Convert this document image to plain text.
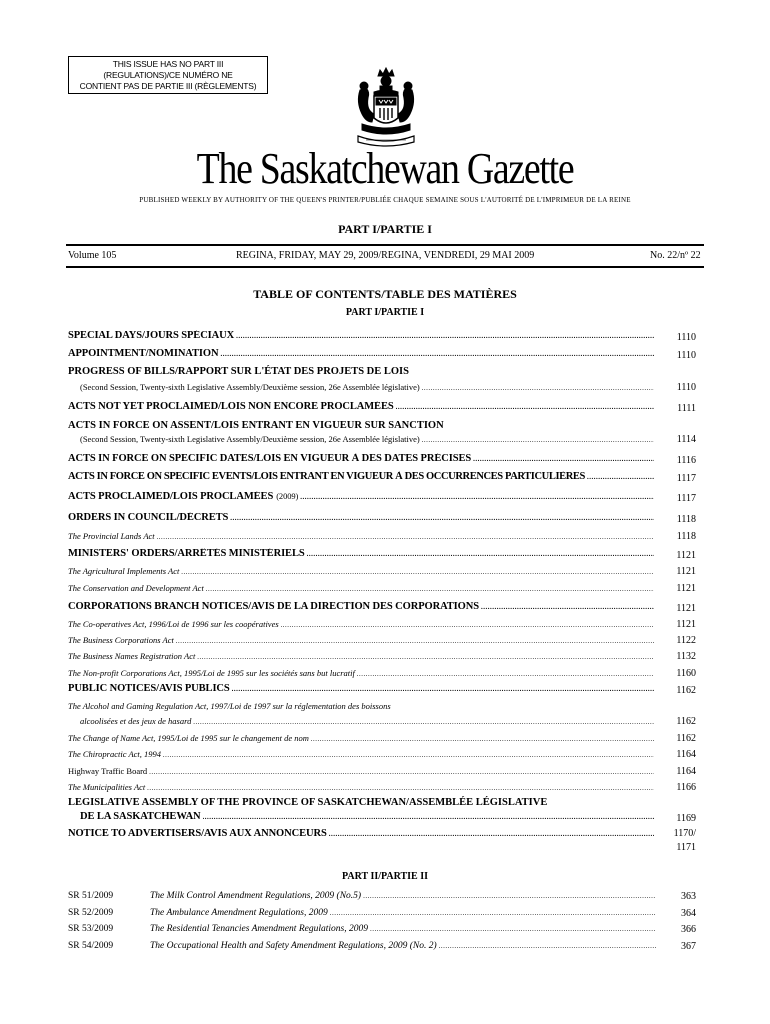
THIS ISSUE HAS NO PART III
(REGULATIONS)/CE NUMÉRO NE
CONTIENT PAS DE PARTIE III (RÈGLEMENTS)
The Saskatchewan Gazette
PUBLISHED WEEKLY BY AUTHORITY OF THE QUEEN'S PRINTER/PUBLIÉE CHAQUE SEMAINE SOUS L'AUTORITÉ DE L'IMPRIMEUR DE LA REINE
PART I/PARTIE I
Volume 105	REGINA, FRIDAY, MAY 29, 2009/REGINA, VENDREDI, 29 MAI 2009	No. 22/nº 22
TABLE OF CONTENTS/TABLE DES MATIÈRES
PART I/PARTIE I
SPECIAL DAYS/JOURS SPÉCIAUX .....	1110
APPOINTMENT/NOMINATION .....	1110
PROGRESS OF BILLS/RAPPORT SUR L'ÉTAT DES PROJETS DE LOIS
(Second Session, Twenty-sixth Legislative Assembly/Deuxième session, 26e Assemblée législative) .....	1110
ACTS NOT YET PROCLAIMED/LOIS NON ENCORE PROCLAMÉES .....	1111
ACTS IN FORCE ON ASSENT/LOIS ENTRANT EN VIGUEUR SUR SANCTION
(Second Session, Twenty-sixth Legislative Assembly/Deuxième session, 26e Assemblée législative) .....	1114
ACTS IN FORCE ON SPECIFIC DATES/LOIS EN VIGUEUR À DES DATES PRÉCISES .....	1116
ACTS IN FORCE ON SPECIFIC EVENTS/LOIS ENTRANT EN VIGUEUR À DES OCCURRENCES PARTICULIÈRES .....	1117
ACTS PROCLAIMED/LOIS PROCLAMÉES (2009) .....	1117
ORDERS IN COUNCIL/DÉCRETS .....	1118
The Provincial Lands Act .....	1118
MINISTERS' ORDERS/ARRÊTÉS MINISTÉRIELS .....	1121
The Agricultural Implements Act .....	1121
The Conservation and Development Act .....	1121
CORPORATIONS BRANCH NOTICES/AVIS DE LA DIRECTION DES CORPORATIONS .....	1121
The Co-operatives Act, 1996/Loi de 1996 sur les coopératives .....	1121
The Business Corporations Act .....	1122
The Business Names Registration Act .....	1132
The Non-profit Corporations Act, 1995/Loi de 1995 sur les sociétés sans but lucratif .....	1160
PUBLIC NOTICES/AVIS PUBLICS .....	1162
The Alcohol and Gaming Regulation Act, 1997/Loi de 1997 sur la réglementation des boissons
alcoolisées et des jeux de hasard .....	1162
The Change of Name Act, 1995/Loi de 1995 sur le changement de nom .....	1162
The Chiropractic Act, 1994 .....	1164
Highway Traffic Board .....	1164
The Municipalities Act .....	1166
LEGISLATIVE ASSEMBLY OF THE PROVINCE OF SASKATCHEWAN/ASSEMBLÉE LÉGISLATIVE
DE LA SASKATCHEWAN .....	1169
NOTICE TO ADVERTISERS/AVIS AUX ANNONCEURS .....	1170/
1171
PART II/PARTIE II
SR 51/2009	The Milk Control Amendment Regulations, 2009 (No.5) .....	363
SR 52/2009	The Ambulance Amendment Regulations, 2009 .....	364
SR 53/2009	The Residential Tenancies Amendment Regulations, 2009 .....	366
SR 54/2009	The Occupational Health and Safety Amendment Regulations, 2009 (No. 2) .....	367
